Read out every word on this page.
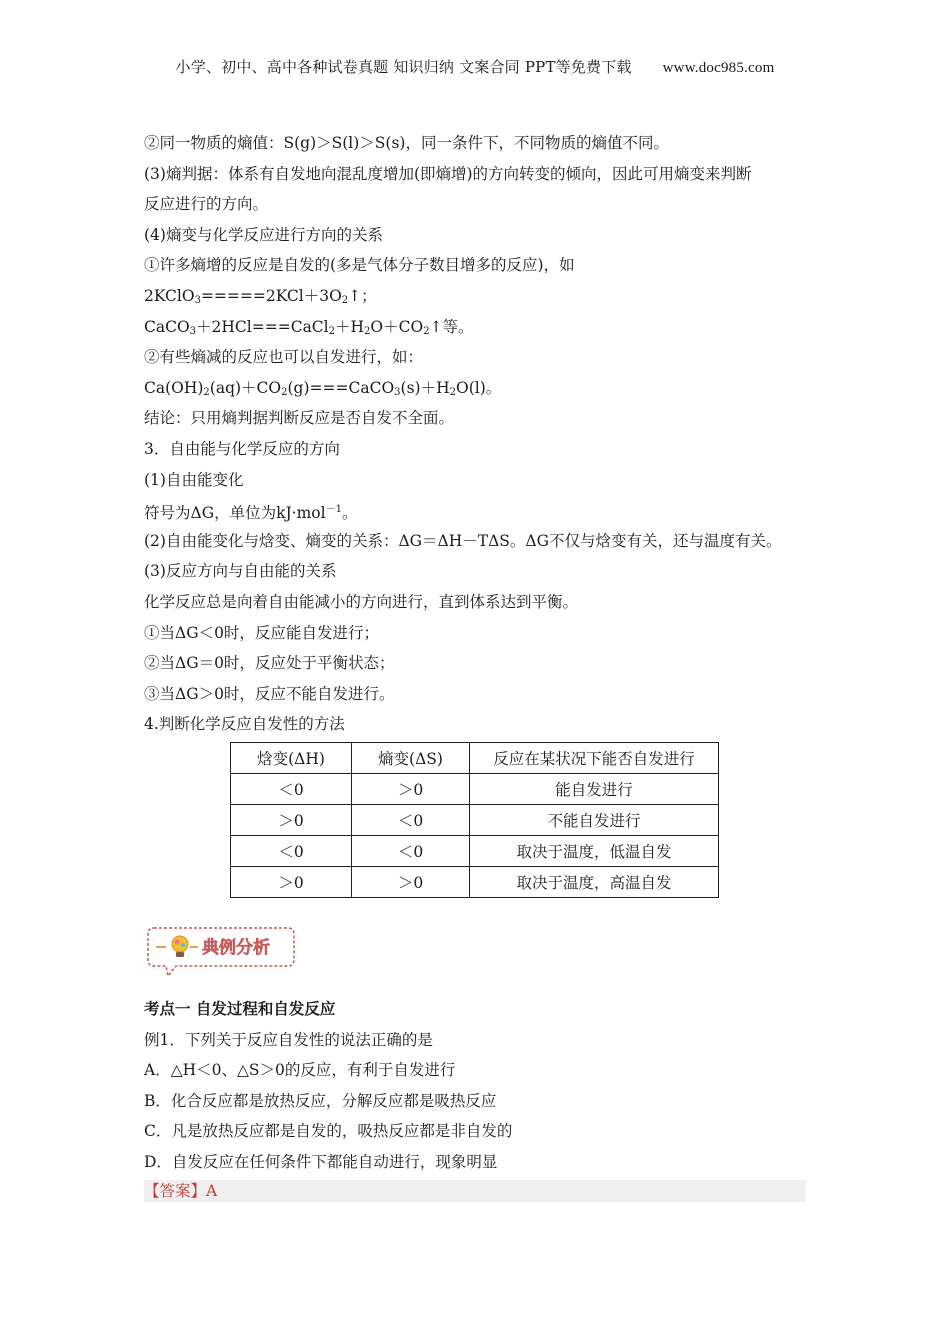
小学、初中、高中各种试卷真题 知识归纳 文案合同 PPT等免费下载 www.doc985.com
②同一物质的熵值：S(g)＞S(l)＞S(s)，同一条件下，不同物质的熵值不同。
(3)熵判据：体系有自发地向混乱度增加(即熵增)的方向转变的倾向，因此可用熵变来判断
反应进行的方向。
(4)熵变与化学反应进行方向的关系
①许多熵增的反应是自发的(多是气体分子数目增多的反应)，如
$2KClO_3=====2KCl+3O_2↑$；
$CaCO_3+2HCl===CaCl_2+H_2O+CO_2↑$等。
②有些熵减的反应也可以自发进行，如：
$Ca(OH)_2(aq)+CO_2(g)===CaCO_3(s)+H_2O(l)$。
结论：只用熵判据判断反应是否自发不全面。
3．自由能与化学反应的方向
(1)自由能变化
符号为ΔG，单位为kJ·mol$^{-1}$。
(2)自由能变化与焓变、熵变的关系：ΔG＝ΔH－TΔS。ΔG不仅与焓变有关，还与温度有关。
(3)反应方向与自由能的关系
化学反应总是向着自由能减小的方向进行，直到体系达到平衡。
①当ΔG＜0时，反应能自发进行；
②当ΔG＝0时，反应处于平衡状态；
③当ΔG＞0时，反应不能自发进行。
4.判断化学反应自发性的方法
焓变(ΔH)	熵变(ΔS)	反应在某状况下能否自发进行
＜0	＞0	能自发进行
＞0	＜0	不能自发进行
＜0	＜0	取决于温度，低温自发
＞0	＞0	取决于温度，高温自发
典例分析
考点一 自发过程和自发反应
例1．下列关于反应自发性的说法正确的是
A．△H＜0、△S＞0的反应，有利于自发进行
B．化合反应都是放热反应，分解反应都是吸热反应
C．凡是放热反应都是自发的，吸热反应都是非自发的
D．自发反应在任何条件下都能自动进行，现象明显
【答案】A
